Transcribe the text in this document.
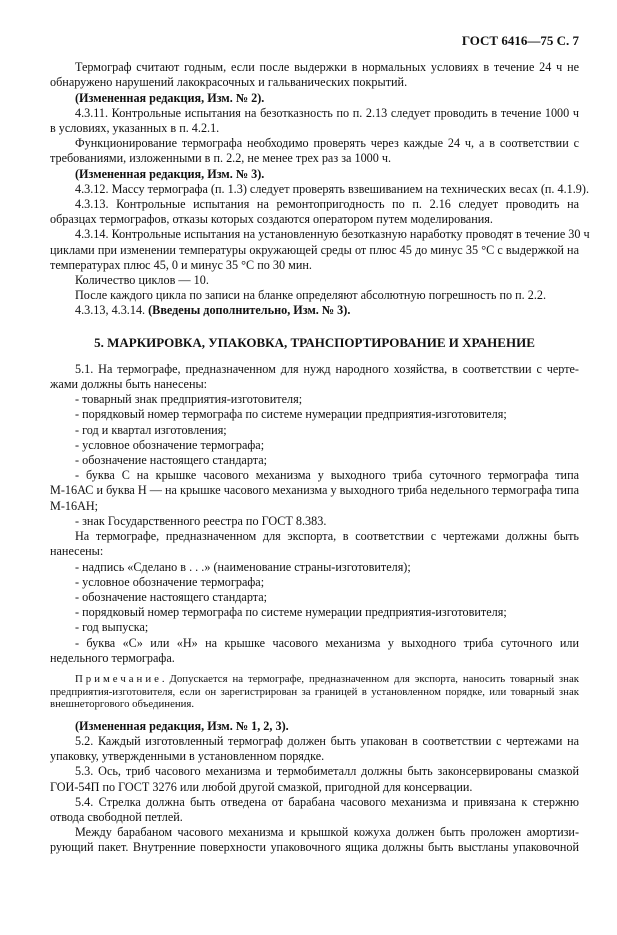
ГОСТ 6416—75 С. 7
Термограф считают годным, если после выдержки в нормальных условиях в течение 24 ч не
обнаружено нарушений лакокрасочных и гальванических покрытий.
(Измененная редакция, Изм. № 2).
4.3.11. Контрольные испытания на безотказность по п. 2.13 следует проводить в течение 1000 ч
в условиях, указанных в п. 4.2.1.
Функционирование термографа необходимо проверять через каждые 24 ч, а в соответствии с
требованиями, изложенными в п. 2.2, не менее трех раз за 1000 ч.
(Измененная редакция, Изм. № 3).
4.3.12. Массу термографа (п. 1.3) следует проверять взвешиванием на технических весах (п. 4.1.9).
4.3.13. Контрольные испытания на ремонтопригодность по п. 2.16 следует проводить на
образцах термографов, отказы которых создаются оператором путем моделирования.
4.3.14. Контрольные испытания на установленную безотказную наработку проводят в течение 30 ч
циклами при изменении температуры окружающей среды от плюс 45 до минус 35 °С с выдержкой на
температурах плюс 45, 0 и минус 35 °С по 30 мин.
Количество циклов — 10.
После каждого цикла по записи на бланке определяют абсолютную погрешность по п. 2.2.
4.3.13, 4.3.14. (Введены дополнительно, Изм. № 3).
5. МАРКИРОВКА, УПАКОВКА, ТРАНСПОРТИРОВАНИЕ И ХРАНЕНИЕ
5.1. На термографе, предназначенном для нужд народного хозяйства, в соответствии с черте-
жами должны быть нанесены:
- товарный знак предприятия-изготовителя;
- порядковый номер термографа по системе нумерации предприятия-изготовителя;
- год и квартал изготовления;
- условное обозначение термографа;
- обозначение настоящего стандарта;
- буква С на крышке часового механизма у выходного триба суточного термографа типа
М-16АС и буква Н — на крышке часового механизма у выходного триба недельного термографа типа
М-16АН;
- знак Государственного реестра по ГОСТ 8.383.
На термографе, предназначенном для экспорта, в соответствии с чертежами должны быть
нанесены:
- надпись «Сделано в . . .» (наименование страны-изготовителя);
- условное обозначение термографа;
- обозначение настоящего стандарта;
- порядковый номер термографа по системе нумерации предприятия-изготовителя;
- год выпуска;
- буква «С» или «Н» на крышке часового механизма у выходного триба суточного или
недельного термографа.
Примечание. Допускается на термографе, предназначенном для экспорта, наносить товарный знак
предприятия-изготовителя, если он зарегистрирован за границей в установленном порядке, или товарный знак
внешнеторгового объединения.
(Измененная редакция, Изм. № 1, 2, 3).
5.2. Каждый изготовленный термограф должен быть упакован в соответствии с чертежами на
упаковку, утвержденными в установленном порядке.
5.3. Ось, триб часового механизма и термобиметалл должны быть законсервированы смазкой
ГОИ-54П по ГОСТ 3276 или любой другой смазкой, пригодной для консервации.
5.4. Стрелка должна быть отведена от барабана часового механизма и привязана к стержню
отвода свободной петлей.
Между барабаном часового механизма и крышкой кожуха должен быть проложен амортизи-
рующий пакет. Внутренние поверхности упаковочного ящика должны быть выстланы упаковочной
